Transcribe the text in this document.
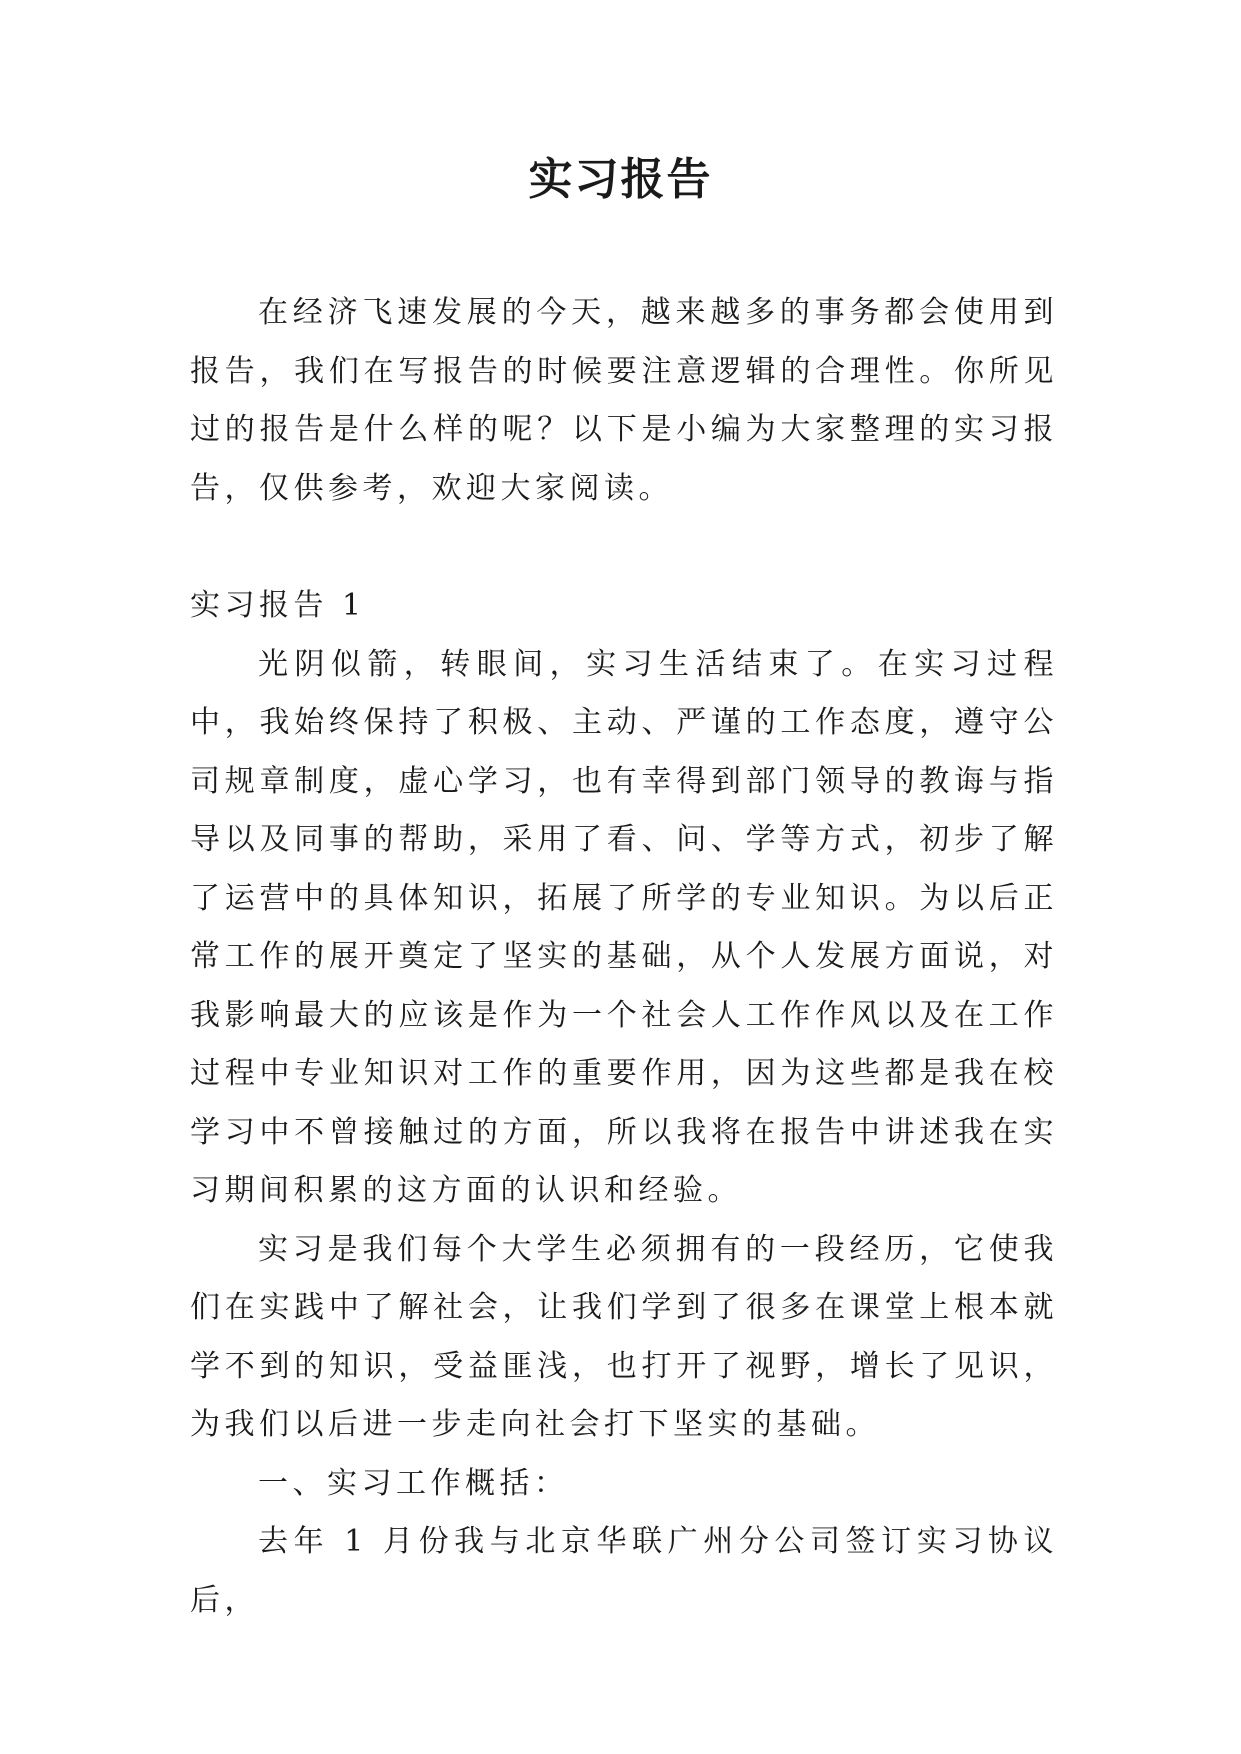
实习报告

在经济飞速发展的今天，越来越多的事务都会使用到报告，我们在写报告的时候要注意逻辑的合理性。你所见过的报告是什么样的呢？以下是小编为大家整理的实习报告，仅供参考，欢迎大家阅读。

实习报告 1

光阴似箭，转眼间，实习生活结束了。在实习过程中，我始终保持了积极、主动、严谨的工作态度，遵守公司规章制度，虚心学习，也有幸得到部门领导的教诲与指导以及同事的帮助，采用了看、问、学等方式，初步了解了运营中的具体知识，拓展了所学的专业知识。为以后正常工作的展开奠定了坚实的基础，从个人发展方面说，对我影响最大的应该是作为一个社会人工作作风以及在工作过程中专业知识对工作的重要作用，因为这些都是我在校学习中不曾接触过的方面，所以我将在报告中讲述我在实习期间积累的这方面的认识和经验。

实习是我们每个大学生必须拥有的一段经历，它使我们在实践中了解社会，让我们学到了很多在课堂上根本就学不到的知识，受益匪浅，也打开了视野，增长了见识，为我们以后进一步走向社会打下坚实的基础。

一、实习工作概括：

去年 1 月份我与北京华联广州分公司签订实习协议后，
